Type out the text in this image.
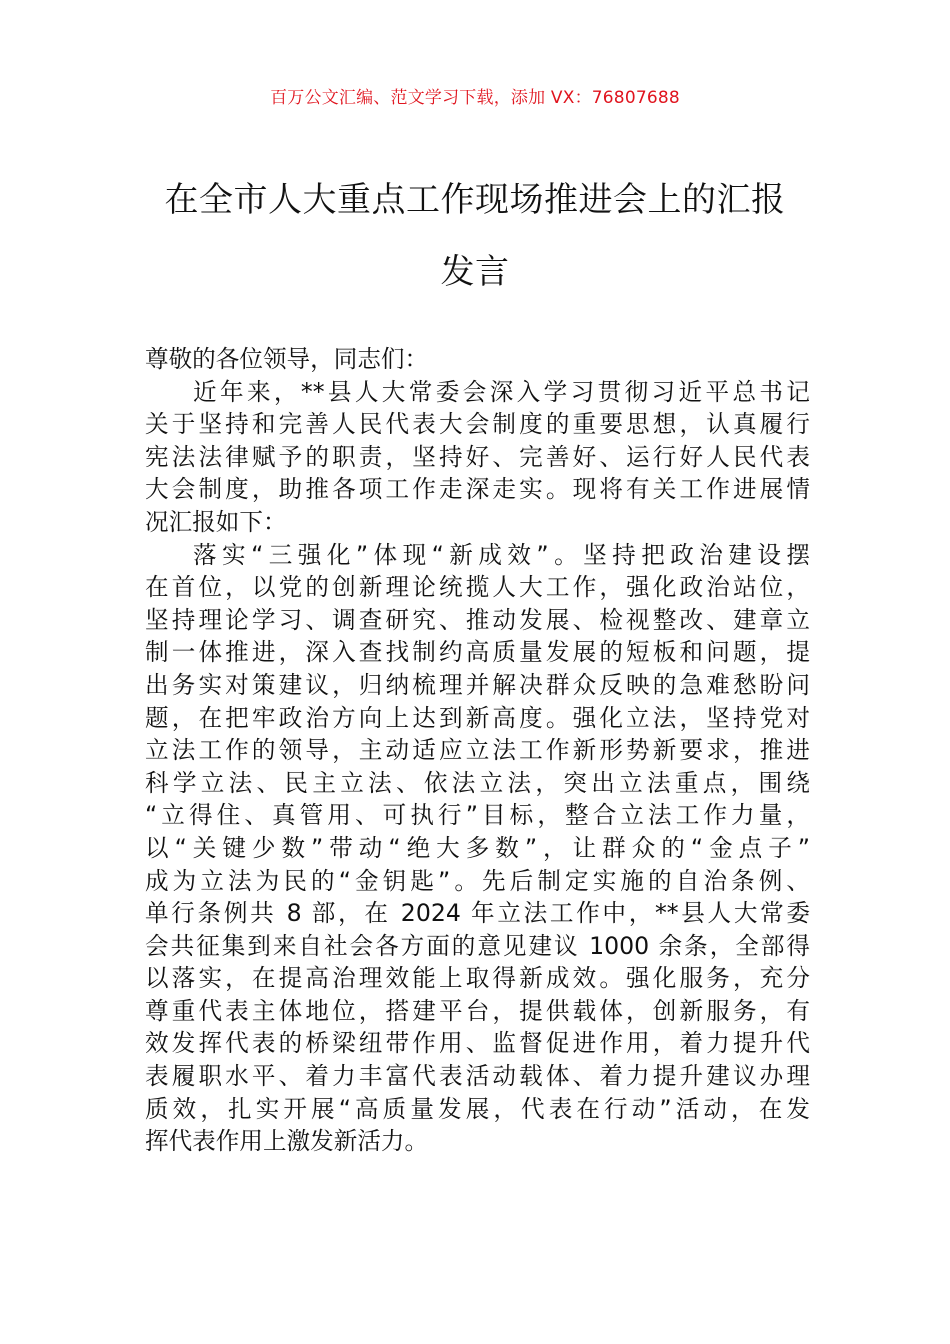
百万公文汇编、范文学习下载，添加 VX：76807688
在全市人大重点工作现场推进会上的汇报
发言
尊敬的各位领导，同志们：
近年来，**县人大常委会深入学习贯彻习近平总书记
关于坚持和完善人民代表大会制度的重要思想，认真履行
宪法法律赋予的职责，坚持好、完善好、运行好人民代表
大会制度，助推各项工作走深走实。现将有关工作进展情
况汇报如下：
落实“三强化”体现“新成效”。坚持把政治建设摆
在首位，以党的创新理论统揽人大工作，强化政治站位，
坚持理论学习、调查研究、推动发展、检视整改、建章立
制一体推进，深入查找制约高质量发展的短板和问题，提
出务实对策建议，归纳梳理并解决群众反映的急难愁盼问
题，在把牢政治方向上达到新高度。强化立法，坚持党对
立法工作的领导，主动适应立法工作新形势新要求，推进
科学立法、民主立法、依法立法，突出立法重点，围绕
“立得住、真管用、可执行”目标，整合立法工作力量，
以“关键少数”带动“绝大多数”，让群众的“金点子”
成为立法为民的“金钥匙”。先后制定实施的自治条例、
单行条例共 8 部，在 2024 年立法工作中，**县人大常委
会共征集到来自社会各方面的意见建议 1000 余条，全部得
以落实，在提高治理效能上取得新成效。强化服务，充分
尊重代表主体地位，搭建平台，提供载体，创新服务，有
效发挥代表的桥梁纽带作用、监督促进作用，着力提升代
表履职水平、着力丰富代表活动载体、着力提升建议办理
质效，扎实开展“高质量发展，代表在行动”活动，在发
挥代表作用上激发新活力。
